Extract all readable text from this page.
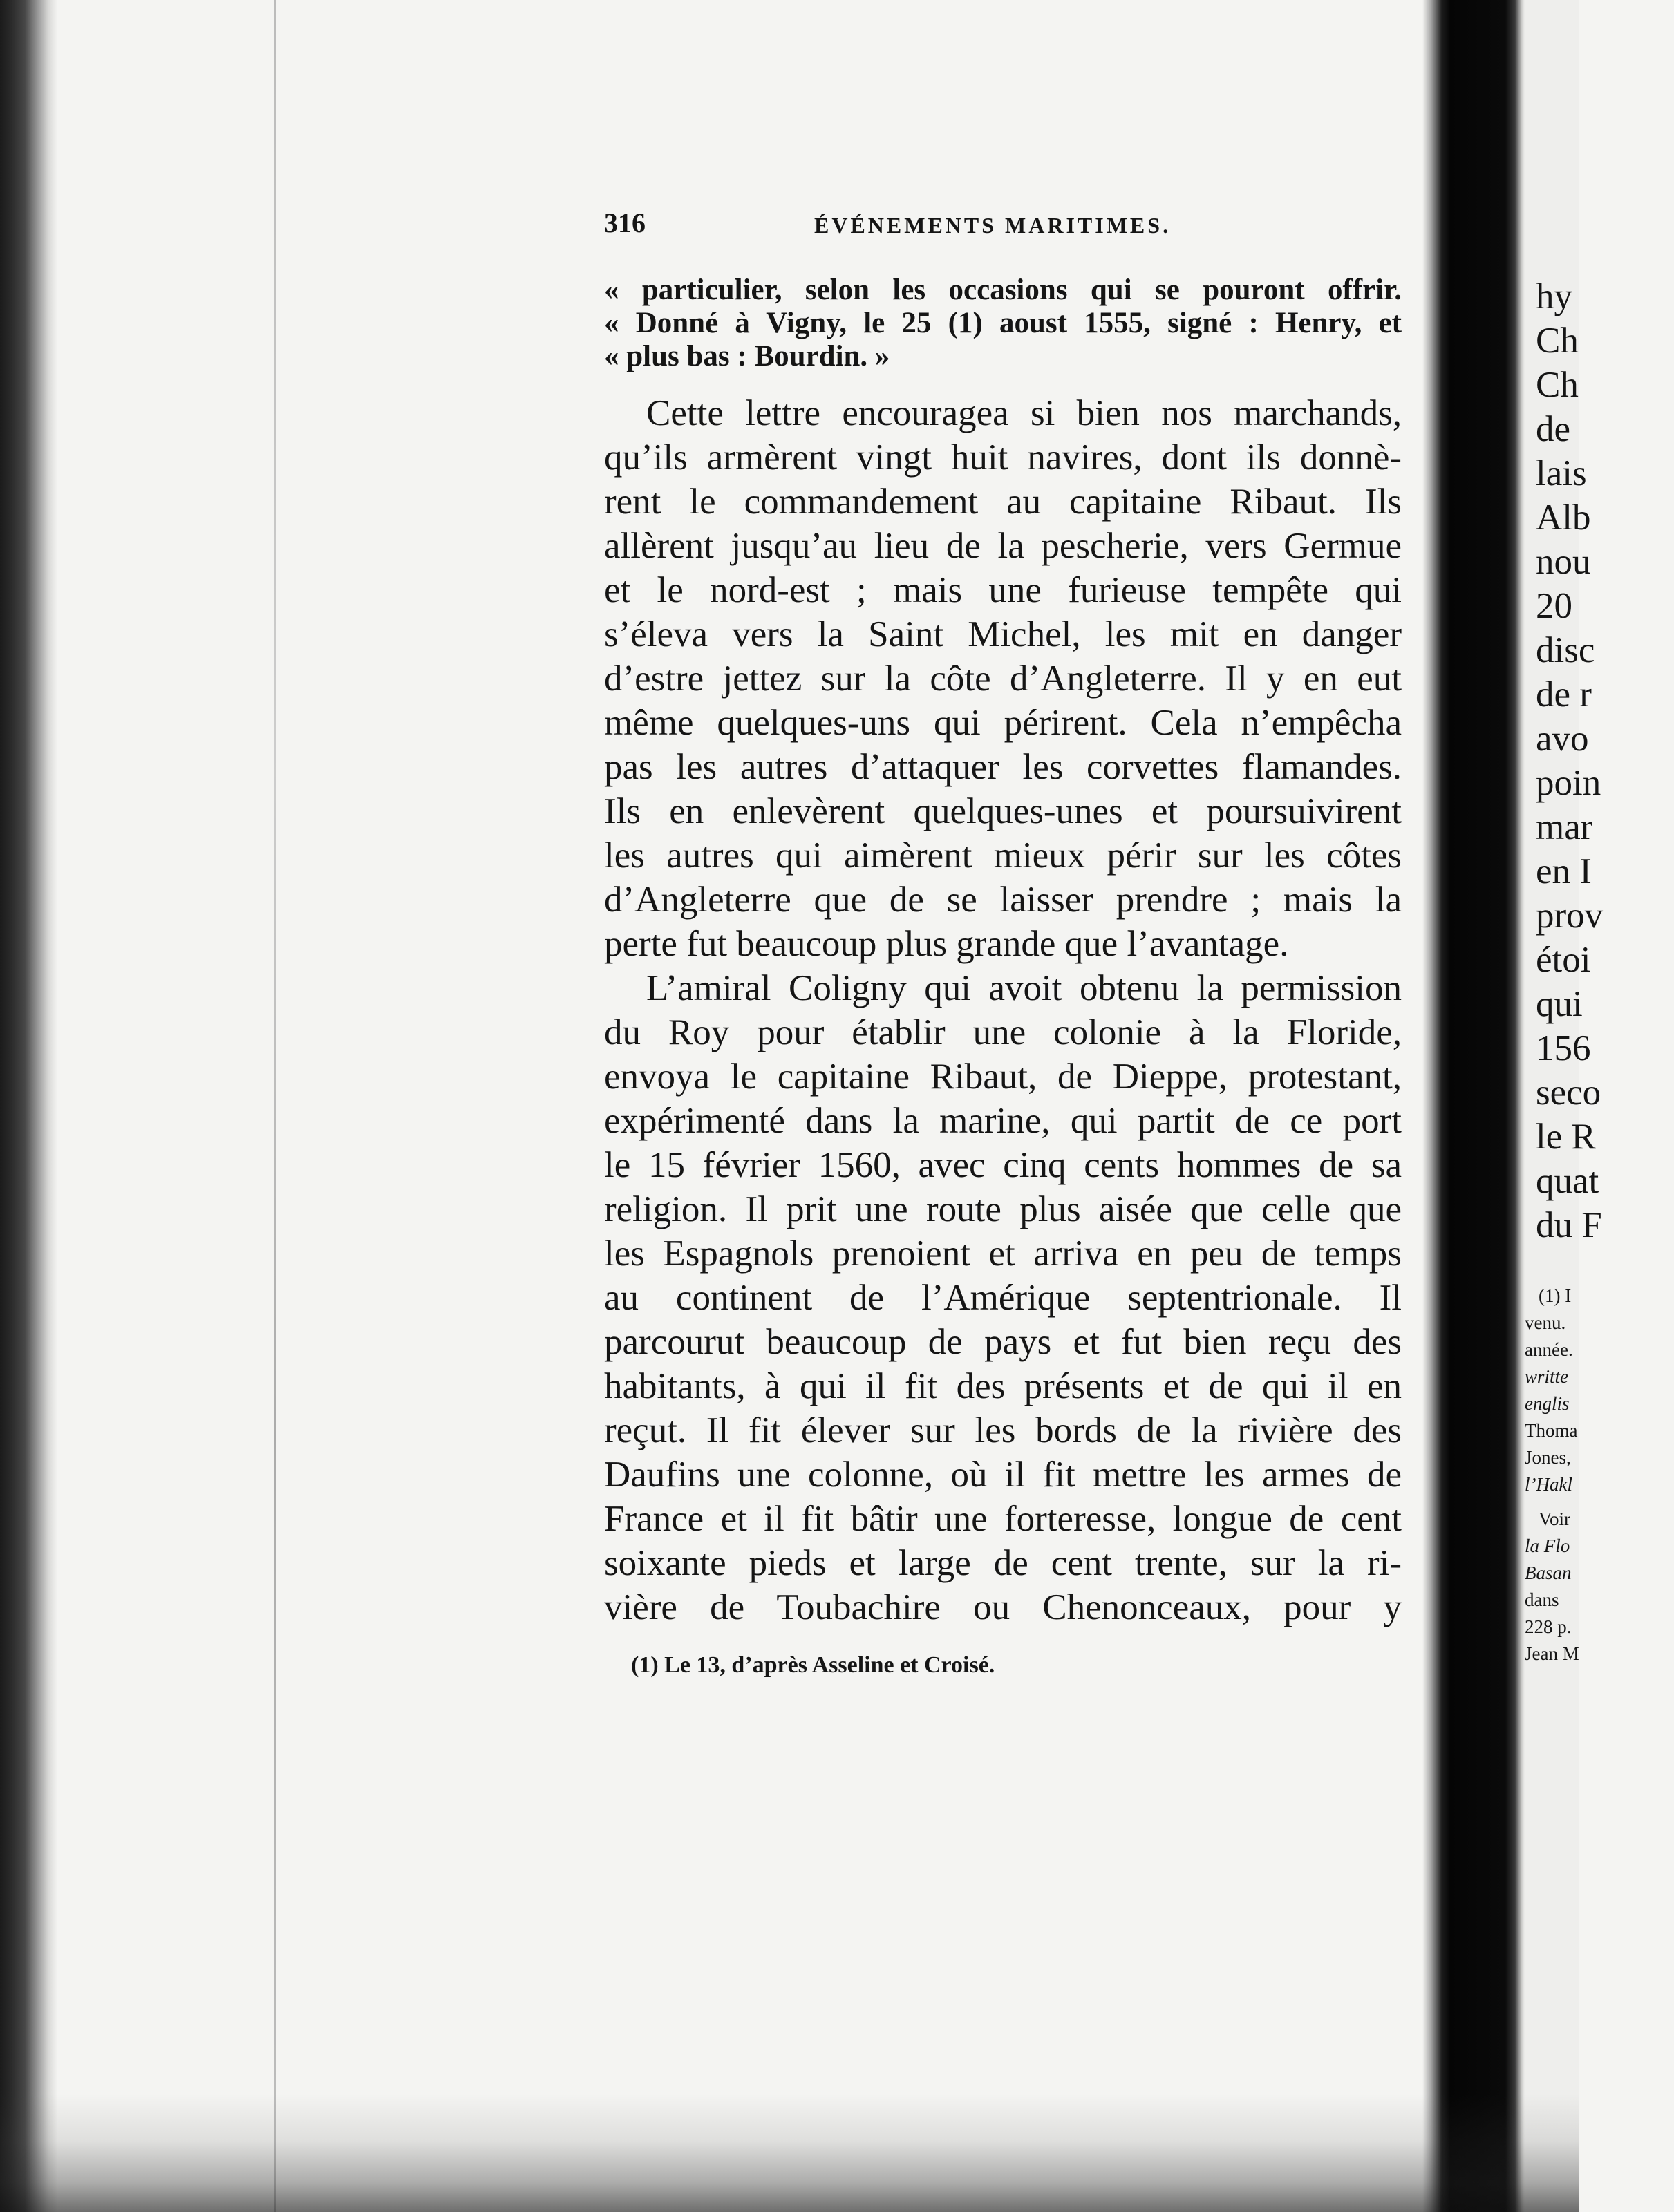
316	ÉVÉNEMENTS MARITIMES.
« particulier, selon les occasions qui se pouront offrir.
« Donné à Vigny, le 25 (1) aoust 1555, signé : Henry, et
« plus bas : Bourdin. »
Cette lettre encouragea si bien nos marchands,
qu’ils armèrent vingt huit navires, dont ils donnè-
rent le commandement au capitaine Ribaut. Ils
allèrent jusqu’au lieu de la pescherie, vers Germue
et le nord-est ; mais une furieuse tempête qui
s’éleva vers la Saint Michel, les mit en danger
d’estre jettez sur la côte d’Angleterre. Il y en eut
même quelques-uns qui périrent. Cela n’empêcha
pas les autres d’attaquer les corvettes flamandes.
Ils en enlevèrent quelques-unes et poursuivirent
les autres qui aimèrent mieux périr sur les côtes
d’Angleterre que de se laisser prendre ; mais la
perte fut beaucoup plus grande que l’avantage.
L’amiral Coligny qui avoit obtenu la permission
du Roy pour établir une colonie à la Floride,
envoya le capitaine Ribaut, de Dieppe, protestant,
expérimenté dans la marine, qui partit de ce port
le 15 février 1560, avec cinq cents hommes de sa
religion. Il prit une route plus aisée que celle que
les Espagnols prenoient et arriva en peu de temps
au continent de l’Amérique septentrionale. Il
parcourut beaucoup de pays et fut bien reçu des
habitants, à qui il fit des présents et de qui il en
reçut. Il fit élever sur les bords de la rivière des
Daufins une colonne, où il fit mettre les armes de
France et il fit bâtir une forteresse, longue de cent
soixante pieds et large de cent trente, sur la ri-
vière de Toubachire ou Chenonceaux, pour y
(1) Le 13, d’après Asseline et Croisé.
hy
Ch
Ch
de
lais
Alb
nou
20
disc
de r
avo
poin
mar
en I
prov
étoi
qui
156
seco
le R
quat
du F
(1) I
venu.
année.
writte
englis
Thoma
Jones,
l’Hakl
Voir
la Flo
Basan
dans
228 p.
Jean M
